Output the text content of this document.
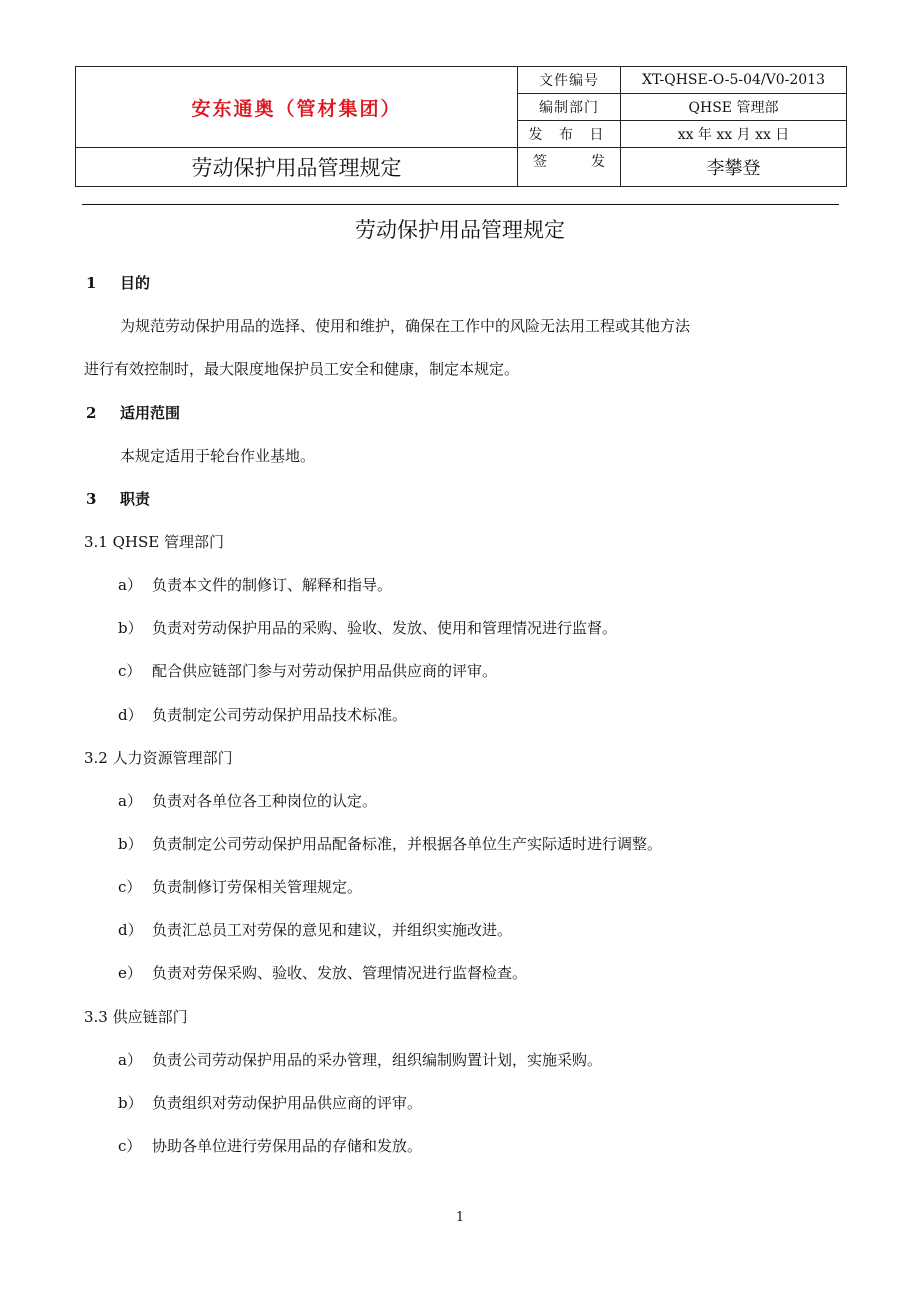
安东通奥（管材集团）	文件编号	XT-QHSE-O-5-04/V0-2013
	编制部门	QHSE 管理部
	发 布 日	xx 年 xx 月 xx 日
劳动保护用品管理规定	签 发	李攀登
劳动保护用品管理规定
1 目的
为规范劳动保护用品的选择、使用和维护，确保在工作中的风险无法用工程或其他方法
进行有效控制时，最大限度地保护员工安全和健康，制定本规定。
2 适用范围
本规定适用于轮台作业基地。
3 职责
3.1 QHSE 管理部门
a） 负责本文件的制修订、解释和指导。
b） 负责对劳动保护用品的采购、验收、发放、使用和管理情况进行监督。
c） 配合供应链部门参与对劳动保护用品供应商的评审。
d） 负责制定公司劳动保护用品技术标准。
3.2 人力资源管理部门
a） 负责对各单位各工种岗位的认定。
b） 负责制定公司劳动保护用品配备标准，并根据各单位生产实际适时进行调整。
c） 负责制修订劳保相关管理规定。
d） 负责汇总员工对劳保的意见和建议，并组织实施改进。
e） 负责对劳保采购、验收、发放、管理情况进行监督检查。
3.3 供应链部门
a） 负责公司劳动保护用品的采办管理，组织编制购置计划，实施采购。
b） 负责组织对劳动保护用品供应商的评审。
c） 协助各单位进行劳保用品的存储和发放。
1
